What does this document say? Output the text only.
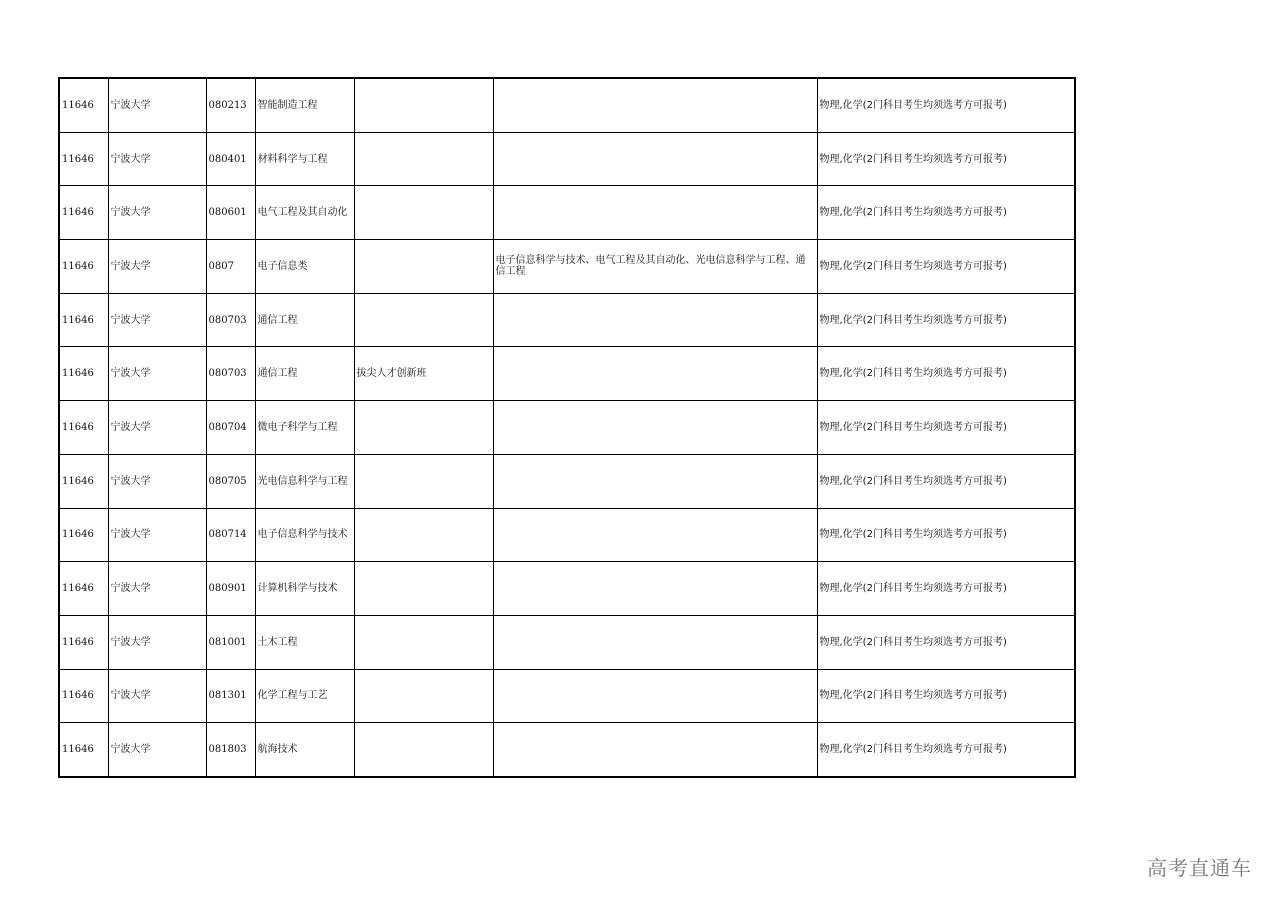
11646	宁波大学	080213	智能制造工程			物理,化学(2门科目考生均须选考方可报考)
11646	宁波大学	080401	材料科学与工程			物理,化学(2门科目考生均须选考方可报考)
11646	宁波大学	080601	电气工程及其自动化			物理,化学(2门科目考生均须选考方可报考)
11646	宁波大学	0807	电子信息类		电子信息科学与技术、电气工程及其自动化、光电信息科学与工程、通信工程	物理,化学(2门科目考生均须选考方可报考)
11646	宁波大学	080703	通信工程			物理,化学(2门科目考生均须选考方可报考)
11646	宁波大学	080703	通信工程	拔尖人才创新班		物理,化学(2门科目考生均须选考方可报考)
11646	宁波大学	080704	微电子科学与工程			物理,化学(2门科目考生均须选考方可报考)
11646	宁波大学	080705	光电信息科学与工程			物理,化学(2门科目考生均须选考方可报考)
11646	宁波大学	080714	电子信息科学与技术			物理,化学(2门科目考生均须选考方可报考)
11646	宁波大学	080901	计算机科学与技术			物理,化学(2门科目考生均须选考方可报考)
11646	宁波大学	081001	土木工程			物理,化学(2门科目考生均须选考方可报考)
11646	宁波大学	081301	化学工程与工艺			物理,化学(2门科目考生均须选考方可报考)
11646	宁波大学	081803	航海技术			物理,化学(2门科目考生均须选考方可报考)
高考直通车
